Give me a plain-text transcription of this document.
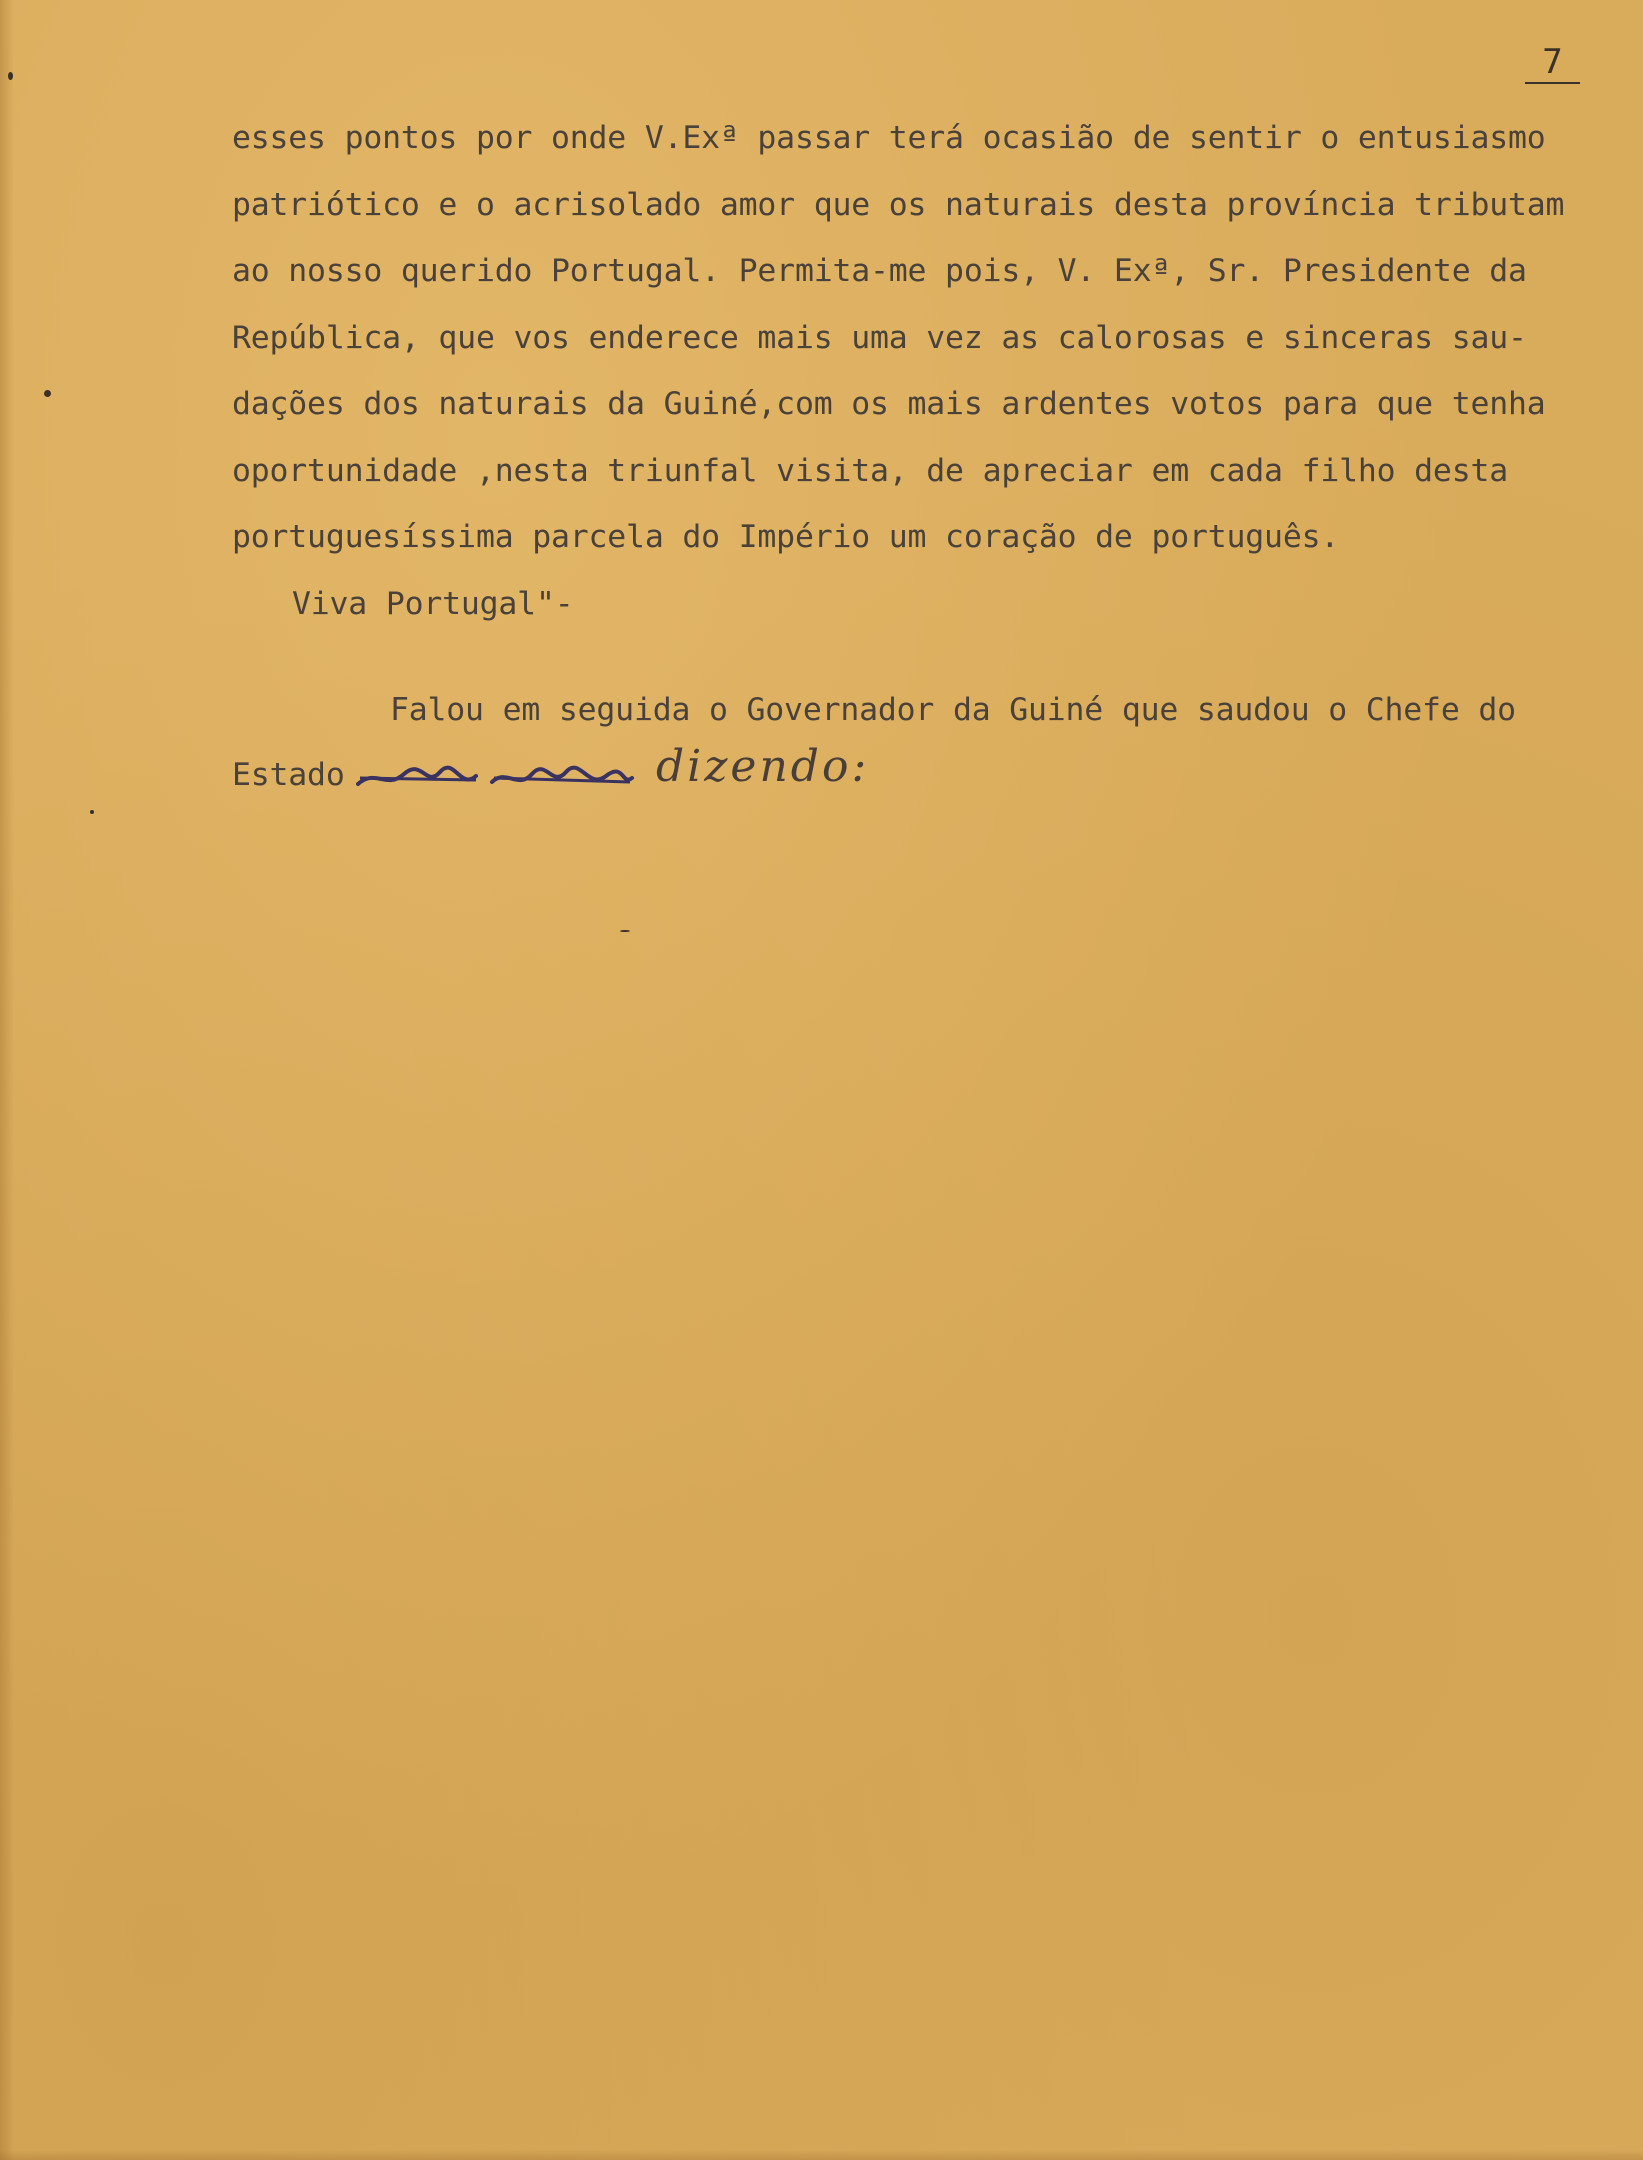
7
esses pontos por onde V.Exª passar terá ocasião de sentir o entusiasmo
patriótico e o acrisolado amor que os naturais desta província tributam
ao nosso querido Portugal. Permita-me pois, V. Exª, Sr. Presidente da
República, que vos enderece mais uma vez as calorosas e sinceras sau-
dações dos naturais da Guiné,com os mais ardentes votos para que tenha
oportunidade ,nesta triunfal visita, de apreciar em cada filho desta
portuguesíssima parcela do Império um coração de português.
Viva Portugal"-
Falou em seguida o Governador da Guiné que saudou o Chefe do
Estado	dizendo:
